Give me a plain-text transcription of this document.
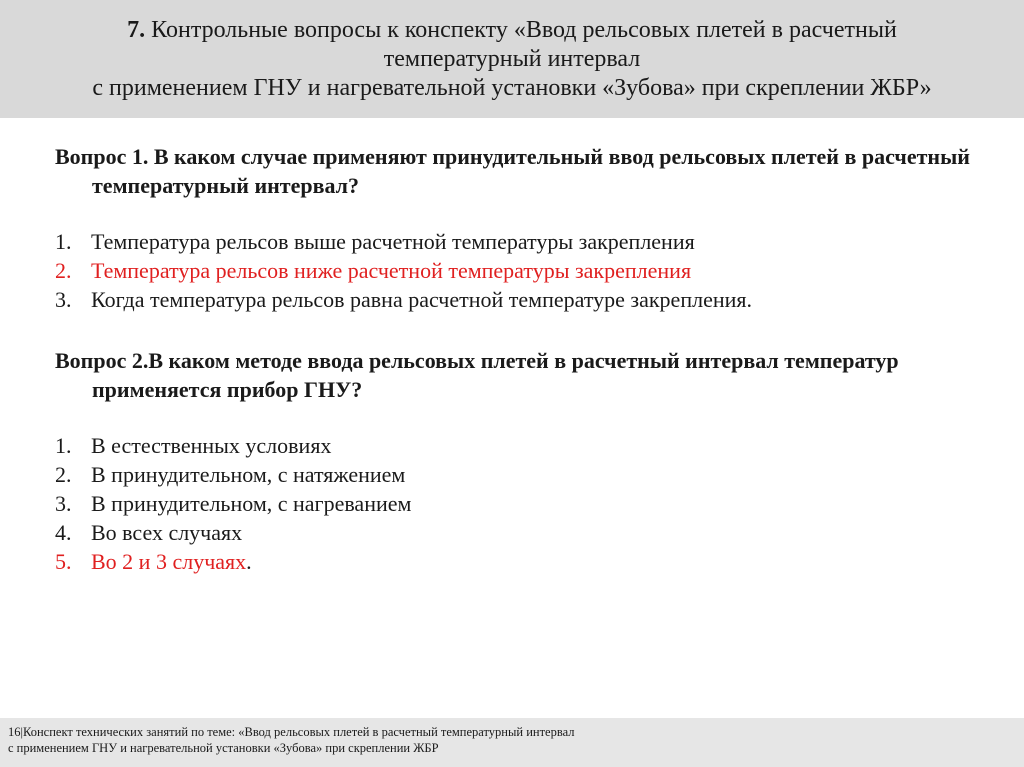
7. Контрольные вопросы к конспекту «Ввод рельсовых плетей в расчетный
температурный интервал
с применением ГНУ и нагревательной установки «Зубова» при скреплении ЖБР»

Вопрос 1. В каком случае применяют принудительный ввод рельсовых плетей в расчетный температурный интервал?

1. Температура рельсов выше расчетной температуры закрепления
2. Температура рельсов ниже расчетной температуры закрепления
3. Когда температура рельсов равна расчетной температуре закрепления.

Вопрос 2.В каком методе ввода рельсовых плетей в расчетный интервал температур применяется прибор ГНУ?

1. В естественных условиях
2. В принудительном, с натяжением
3. В принудительном, с нагреванием
4. Во всех случаях
5. Во 2 и 3 случаях.
16|Конспект технических занятий по теме: «Ввод рельсовых плетей в расчетный температурный интервал
с применением ГНУ и нагревательной установки «Зубова» при скреплении ЖБР
